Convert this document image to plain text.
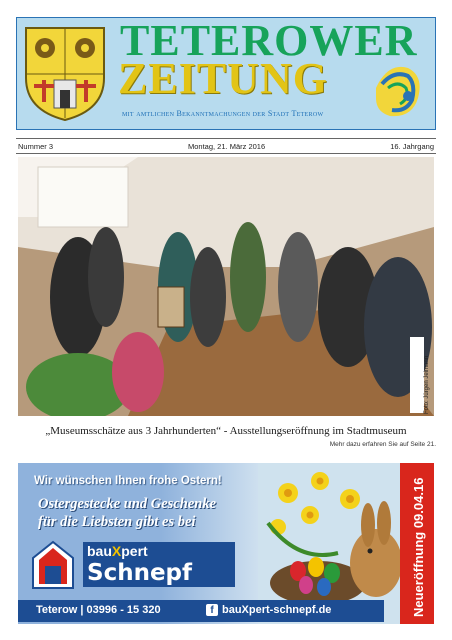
TETEROWER
ZEITUNG
mit amtlichen Bekanntmachungen der Stadt Teterow
Nummer 3	Montag, 21. März 2016	16. Jahrgang
Foto: Jürgen Jeimann
„Museumsschätze aus 3 Jahrhunderten“ - Ausstellungseröffnung im Stadtmuseum
Mehr dazu erfahren Sie auf Seite 21.
Wir wünschen Ihnen frohe Ostern!
Ostergestecke und Geschenke
für die Liebsten gibt es bei
bauXpert
Schnepf
Teterow | 03996 - 15 320	f bauXpert-schnepf.de	Neueröffnung 09.04.16
